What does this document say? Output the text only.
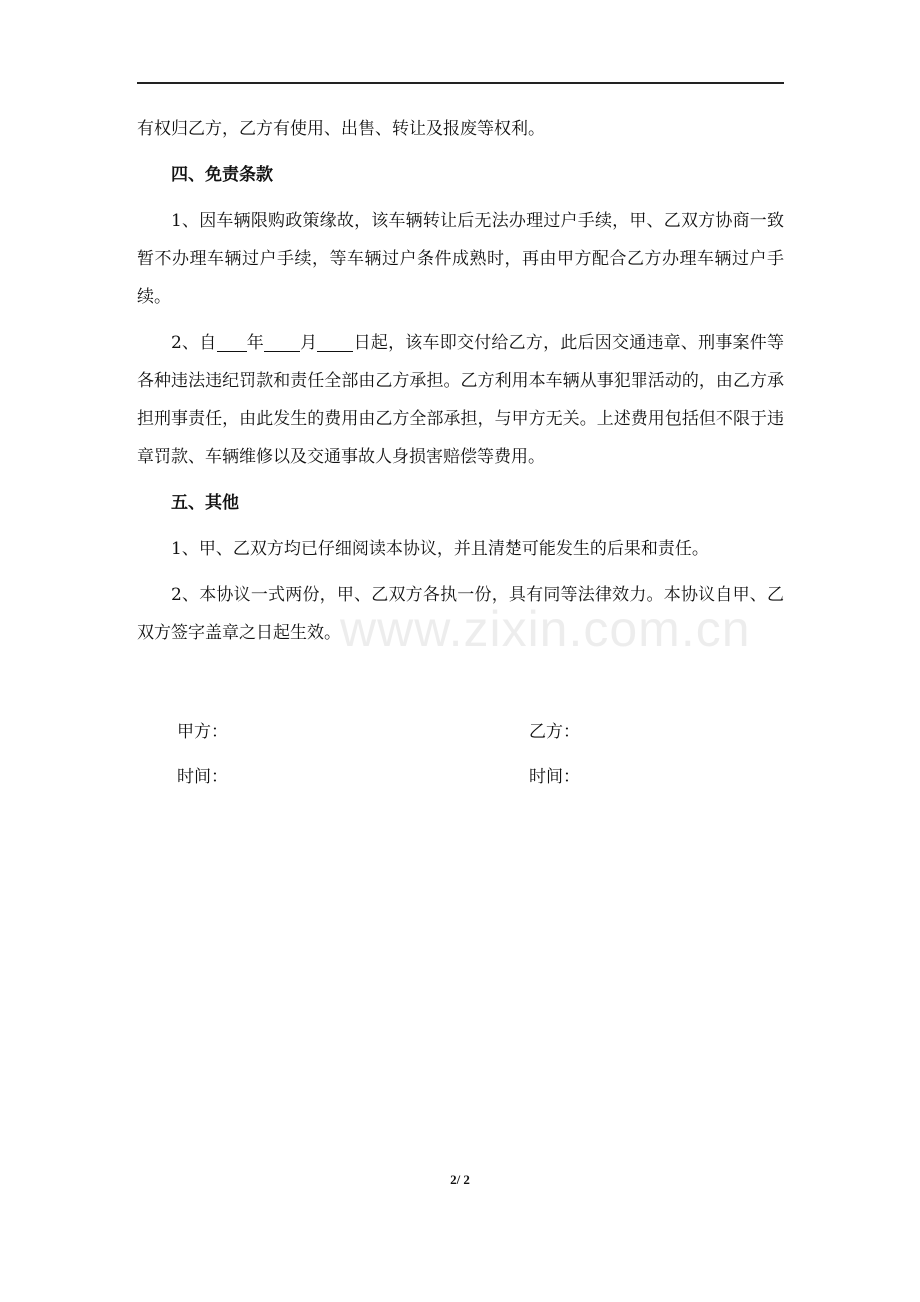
有权归乙方，乙方有使用、出售、转让及报废等权利。

四、免责条款

1、因车辆限购政策缘故，该车辆转让后无法办理过户手续，甲、乙双方协商一致暂不办理车辆过户手续，等车辆过户条件成熟时，再由甲方配合乙方办理车辆过户手续。

2、自 年 月 日起，该车即交付给乙方，此后因交通违章、刑事案件等各种违法违纪罚款和责任全部由乙方承担。乙方利用本车辆从事犯罪活动的，由乙方承担刑事责任，由此发生的费用由乙方全部承担，与甲方无关。上述费用包括但不限于违章罚款、车辆维修以及交通事故人身损害赔偿等费用。

五、其他

1、甲、乙双方均已仔细阅读本协议，并且清楚可能发生的后果和责任。

2、本协议一式两份，甲、乙双方各执一份，具有同等法律效力。本协议自甲、乙双方签字盖章之日起生效。 www.zixin.com.cn
甲方：	乙方：
时间：	时间：
2/ 2
